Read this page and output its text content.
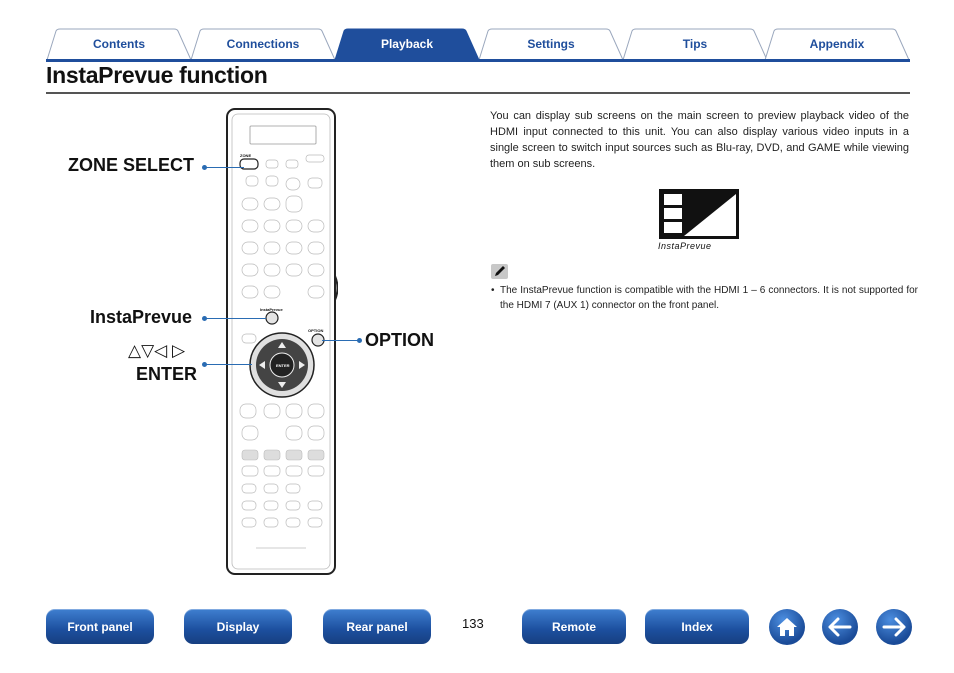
Contents	Connections	Playback	Settings	Tips	Appendix
InstaPrevue function
ZONE
InstaPrevue
OPTION
ENTER
ZONE SELECT
InstaPrevue
△▽◁ ▷
ENTER
OPTION
You can display sub screens on the main screen to preview playback video of the HDMI input connected to this unit. You can also display various video inputs in a single screen to switch input sources such as Blu-ray, DVD, and GAME while viewing them on sub screens.
InstaPrevue
• The InstaPrevue function is compatible with the HDMI 1 – 6 connectors. It is not supported for the HDMI 7 (AUX 1) connector on the front panel.
Front panel	Display	Rear panel	133	Remote	Index
